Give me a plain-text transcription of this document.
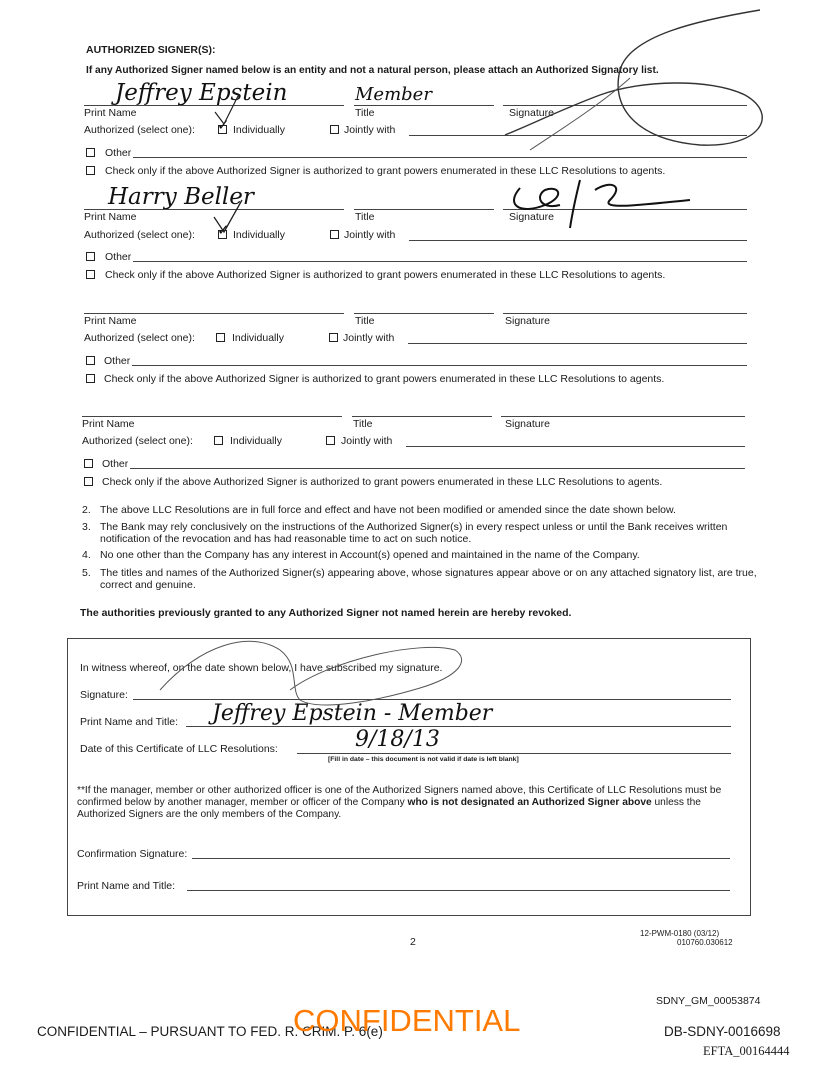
AUTHORIZED SIGNER(S):
If any Authorized Signer named below is an entity and not a natural person, please attach an Authorized Signatory list.
Jeffrey Epstein	Member
Print Name	Title	Signature
Authorized (select one): ✓ Individually	Jointly with
Other
Check only if the above Authorized Signer is authorized to grant powers enumerated in these LLC Resolutions to agents.
Harry Beller
Print Name	Title	Signature
Authorized (select one): ✓ Individually	Jointly with
Other
Check only if the above Authorized Signer is authorized to grant powers enumerated in these LLC Resolutions to agents.
Print Name	Title	Signature
Authorized (select one):	Individually	Jointly with
Other
Check only if the above Authorized Signer is authorized to grant powers enumerated in these LLC Resolutions to agents.
Print Name	Title	Signature
Authorized (select one):	Individually	Jointly with
Other
Check only if the above Authorized Signer is authorized to grant powers enumerated in these LLC Resolutions to agents.
2. The above LLC Resolutions are in full force and effect and have not been modified or amended since the date shown below.
3. The Bank may rely conclusively on the instructions of the Authorized Signer(s) in every respect unless or until the Bank receives written notification of the revocation and has had reasonable time to act on such notice.
4. No one other than the Company has any interest in Account(s) opened and maintained in the name of the Company.
5. The titles and names of the Authorized Signer(s) appearing above, whose signatures appear above or on any attached signatory list, are true, correct and genuine.
The authorities previously granted to any Authorized Signer not named herein are hereby revoked.
In witness whereof, on the date shown below, I have subscribed my signature.
Signature:
Print Name and Title: Jeffrey Epstein - Member
Date of this Certificate of LLC Resolutions:	9/18/13
[Fill in date – this document is not valid if date is left blank]
**If the manager, member or other authorized officer is one of the Authorized Signers named above, this Certificate of LLC Resolutions must be confirmed below by another manager, member or officer of the Company who is not designated an Authorized Signer above unless the Authorized Signers are the only members of the Company.
Confirmation Signature:
Print Name and Title:
2
12-PWM-0180 (03/12)
010760.030612
SDNY_GM_00053874
CONFIDENTIAL – PURSUANT TO FED. R. CRIM. P. 6(e)
CONFIDENTIAL	DB-SDNY-0016698
EFTA_00164444
